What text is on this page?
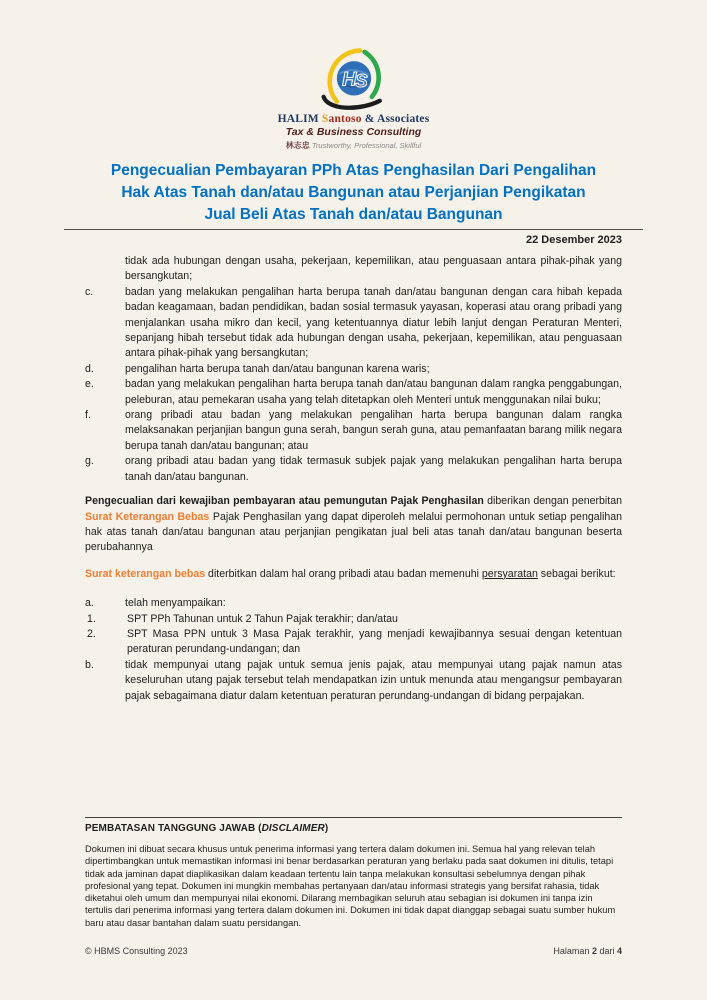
H
S
HALIM Santoso & Associates
Tax & Business Consulting
林志忠 Trustworthy, Professional, Skillful
Pengecualian Pembayaran PPh Atas Penghasilan Dari Pengalihan
Hak Atas Tanah dan/atau Bangunan atau Perjanjian Pengikatan
Jual Beli Atas Tanah dan/atau Bangunan
22 Desember 2023
tidak ada hubungan dengan usaha, pekerjaan, kepemilikan, atau penguasaan antara pihak-pihak yang bersangkutan;
c.	badan yang melakukan pengalihan harta berupa tanah dan/atau bangunan dengan cara hibah kepada badan keagamaan, badan pendidikan, badan sosial termasuk yayasan, koperasi atau orang pribadi yang menjalankan usaha mikro dan kecil, yang ketentuannya diatur lebih lanjut dengan Peraturan Menteri, sepanjang hibah tersebut tidak ada hubungan dengan usaha, pekerjaan, kepemilikan, atau penguasaan antara pihak-pihak yang bersangkutan;
d.	pengalihan harta berupa tanah dan/atau bangunan karena waris;
e.	badan yang melakukan pengalihan harta berupa tanah dan/atau bangunan dalam rangka penggabungan, peleburan, atau pemekaran usaha yang telah ditetapkan oleh Menteri untuk menggunakan nilai buku;
f.	orang pribadi atau badan yang melakukan pengalihan harta berupa bangunan dalam rangka melaksanakan perjanjian bangun guna serah, bangun serah guna, atau pemanfaatan barang milik negara berupa tanah dan/atau bangunan; atau
g.	orang pribadi atau badan yang tidak termasuk subjek pajak yang melakukan pengalihan harta berupa tanah dan/atau bangunan.

Pengecualian dari kewajiban pembayaran atau pemungutan Pajak Penghasilan diberikan dengan penerbitan Surat Keterangan Bebas Pajak Penghasilan yang dapat diperoleh melalui permohonan untuk setiap pengalihan hak atas tanah dan/atau bangunan atau perjanjian pengikatan jual beli atas tanah dan/atau bangunan beserta perubahannya

Surat keterangan bebas diterbitkan dalam hal orang pribadi atau badan memenuhi persyaratan sebagai berikut:

a.	telah menyampaikan:
1.	SPT PPh Tahunan untuk 2 Tahun Pajak terakhir; dan/atau
2.	SPT Masa PPN untuk 3 Masa Pajak terakhir, yang menjadi kewajibannya sesuai dengan ketentuan peraturan perundang-undangan; dan
b.	tidak mempunyai utang pajak untuk semua jenis pajak, atau mempunyai utang pajak namun atas keseluruhan utang pajak tersebut telah mendapatkan izin untuk menunda atau mengangsur pembayaran pajak sebagaimana diatur dalam ketentuan peraturan perundang-undangan di bidang perpajakan.
PEMBATASAN TANGGUNG JAWAB (DISCLAIMER)
Dokumen ini dibuat secara khusus untuk penerima informasi yang tertera dalam dokumen ini. Semua hal yang relevan telah dipertimbangkan untuk memastikan informasi ini benar berdasarkan peraturan yang berlaku pada saat dokumen ini ditulis, tetapi tidak ada jaminan dapat diaplikasikan dalam keadaan tertentu lain tanpa melakukan konsultasi sebelumnya dengan pihak profesional yang tepat. Dokumen ini mungkin membahas pertanyaan dan/atau informasi strategis yang bersifat rahasia, tidak diketahui oleh umum dan mempunyai nilai ekonomi. Dilarang membagikan seluruh atau sebagian isi dokumen ini tanpa izin tertulis dari penerima informasi yang tertera dalam dokumen ini. Dokumen ini tidak dapat dianggap sebagai suatu sumber hukum baru atau dasar bantahan dalam suatu persidangan.
© HBMS Consulting 2023	Halaman 2 dari 4
